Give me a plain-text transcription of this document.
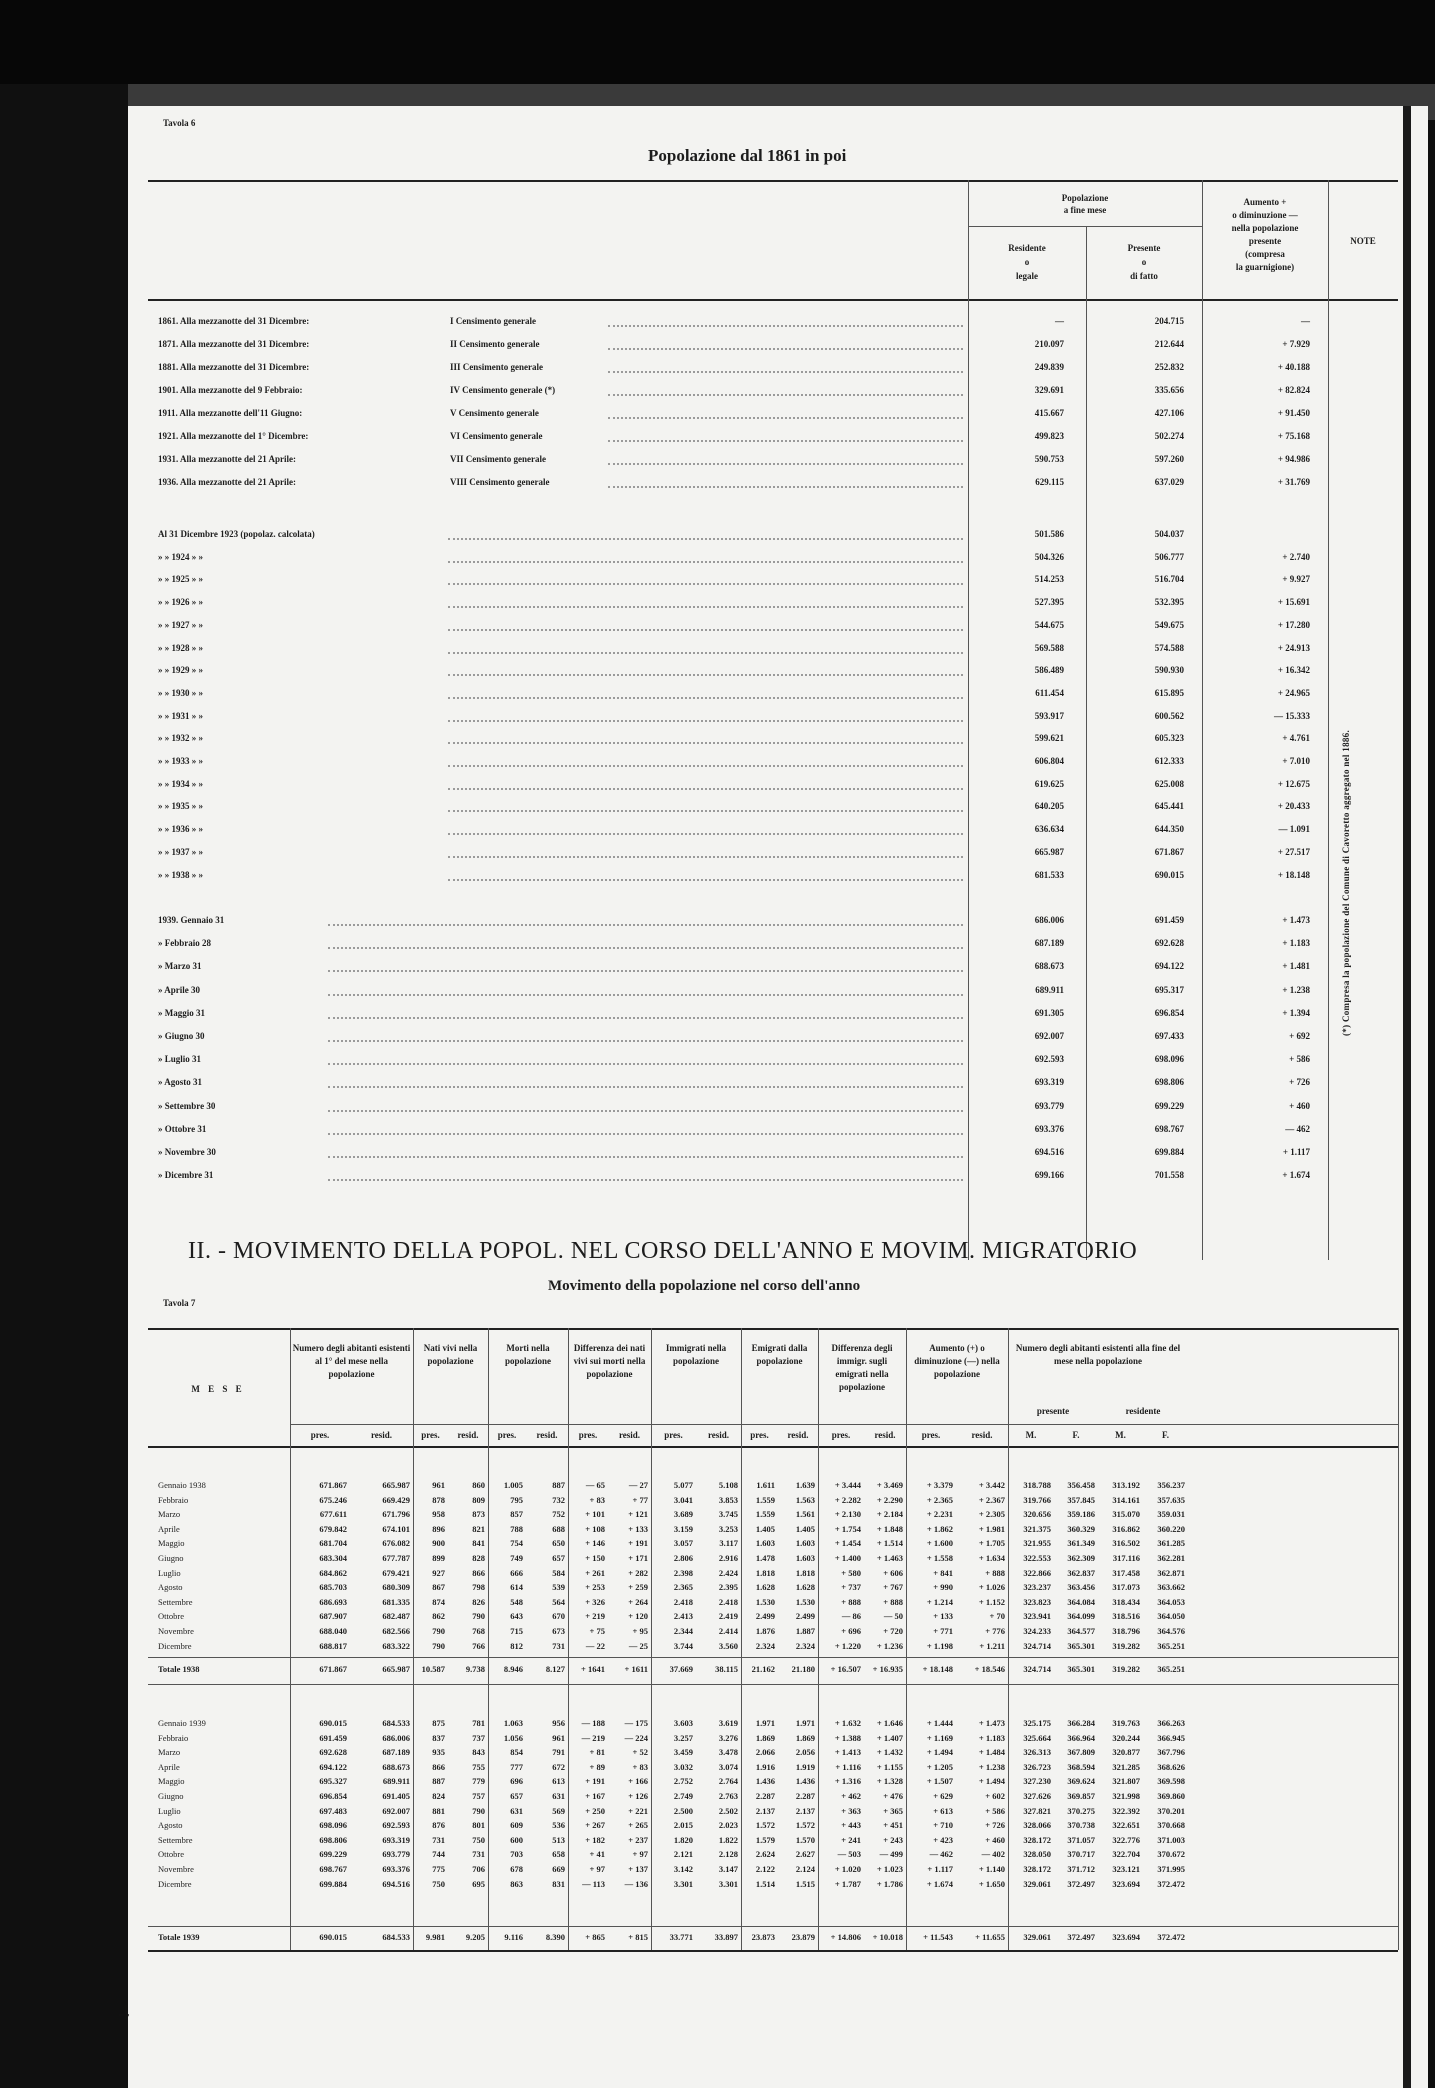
Tavola 6
Popolazione dal 1861 in poi
Popolazione
a fine mese
Residente
o
legale
Presente
o
di fatto
Aumento +
o diminuzione —
nella popolazione
presente
(compresa
la guarnigione)
NOTE
1861. Alla mezzanotte del 31 Dicembre:	I Censimento generale	—	204.715	—
1871. Alla mezzanotte del 31 Dicembre:	II Censimento generale	210.097	212.644	+ 7.929
1881. Alla mezzanotte del 31 Dicembre:	III Censimento generale	249.839	252.832	+ 40.188
1901. Alla mezzanotte del 9 Febbraio:	IV Censimento generale (*)	329.691	335.656	+ 82.824
1911. Alla mezzanotte dell'11 Giugno:	V Censimento generale	415.667	427.106	+ 91.450
1921. Alla mezzanotte del 1° Dicembre:	VI Censimento generale	499.823	502.274	+ 75.168
1931. Alla mezzanotte del 21 Aprile:	VII Censimento generale	590.753	597.260	+ 94.986
1936. Alla mezzanotte del 21 Aprile:	VIII Censimento generale	629.115	637.029	+ 31.769
Al 31 Dicembre 1923 (popolaz. calcolata)	501.586	504.037
» » 1924 » »	504.326	506.777	+ 2.740
» » 1925 » »	514.253	516.704	+ 9.927
» » 1926 » »	527.395	532.395	+ 15.691
» » 1927 » »	544.675	549.675	+ 17.280
» » 1928 » »	569.588	574.588	+ 24.913
» » 1929 » »	586.489	590.930	+ 16.342
» » 1930 » »	611.454	615.895	+ 24.965
» » 1931 » »	593.917	600.562	— 15.333
» » 1932 » »	599.621	605.323	+ 4.761
» » 1933 » »	606.804	612.333	+ 7.010
» » 1934 » »	619.625	625.008	+ 12.675
» » 1935 » »	640.205	645.441	+ 20.433
» » 1936 » »	636.634	644.350	— 1.091
» » 1937 » »	665.987	671.867	+ 27.517
» » 1938 » »	681.533	690.015	+ 18.148
1939. Gennaio 31	686.006	691.459	+ 1.473
» Febbraio 28	687.189	692.628	+ 1.183
» Marzo 31	688.673	694.122	+ 1.481
» Aprile 30	689.911	695.317	+ 1.238
» Maggio 31	691.305	696.854	+ 1.394
» Giugno 30	692.007	697.433	+ 692
» Luglio 31	692.593	698.096	+ 586
» Agosto 31	693.319	698.806	+ 726
» Settembre 30	693.779	699.229	+ 460
» Ottobre 31	693.376	698.767	— 462
» Novembre 30	694.516	699.884	+ 1.117
» Dicembre 31	699.166	701.558	+ 1.674
(*) Compresa la popolazione del Comune di Cavoretto aggregato nel 1886.
II. - MOVIMENTO DELLA POPOL. NEL CORSO DELL'ANNO E MOVIM. MIGRATORIO
Movimento della popolazione nel corso dell'anno
Tavola 7
M E S E
Numero degli abitanti esistenti al 1° del mese nella popolazione
Nati vivi nella popolazione
Morti nella popolazione
Differenza dei nati vivi sui morti nella popolazione
Immigrati nella popolazione
Emigrati dalla popolazione
Differenza degli immigr. sugli emigrati nella popolazione
Aumento (+) o diminuzione (—) nella popolazione
Numero degli abitanti esistenti alla fine del mese nella popolazione
pres.	resid.	pres.	resid.	pres.	resid.	pres.	resid.	pres.	resid.	pres.	resid.	pres.	resid.	pres.	resid.
presente	residente
M.	F.	M.	F.
Gennaio 1938	671.867	665.987	961	860	1.005	887	— 65	— 27	5.077	5.108	1.611	1.639	+ 3.444	+ 3.469	+ 3.379	+ 3.442	318.788	356.458	313.192	356.237
Febbraio	675.246	669.429	878	809	795	732	+ 83	+ 77	3.041	3.853	1.559	1.563	+ 2.282	+ 2.290	+ 2.365	+ 2.367	319.766	357.845	314.161	357.635
Marzo	677.611	671.796	958	873	857	752	+ 101	+ 121	3.689	3.745	1.559	1.561	+ 2.130	+ 2.184	+ 2.231	+ 2.305	320.656	359.186	315.070	359.031
Aprile	679.842	674.101	896	821	788	688	+ 108	+ 133	3.159	3.253	1.405	1.405	+ 1.754	+ 1.848	+ 1.862	+ 1.981	321.375	360.329	316.862	360.220
Maggio	681.704	676.082	900	841	754	650	+ 146	+ 191	3.057	3.117	1.603	1.603	+ 1.454	+ 1.514	+ 1.600	+ 1.705	321.955	361.349	316.502	361.285
Giugno	683.304	677.787	899	828	749	657	+ 150	+ 171	2.806	2.916	1.478	1.603	+ 1.400	+ 1.463	+ 1.558	+ 1.634	322.553	362.309	317.116	362.281
Luglio	684.862	679.421	927	866	666	584	+ 261	+ 282	2.398	2.424	1.818	1.818	+ 580	+ 606	+ 841	+ 888	322.866	362.837	317.458	362.871
Agosto	685.703	680.309	867	798	614	539	+ 253	+ 259	2.365	2.395	1.628	1.628	+ 737	+ 767	+ 990	+ 1.026	323.237	363.456	317.073	363.662
Settembre	686.693	681.335	874	826	548	564	+ 326	+ 264	2.418	2.418	1.530	1.530	+ 888	+ 888	+ 1.214	+ 1.152	323.823	364.084	318.434	364.053
Ottobre	687.907	682.487	862	790	643	670	+ 219	+ 120	2.413	2.419	2.499	2.499	— 86	— 50	+ 133	+ 70	323.941	364.099	318.516	364.050
Novembre	688.040	682.566	790	768	715	673	+ 75	+ 95	2.344	2.414	1.876	1.887	+ 696	+ 720	+ 771	+ 776	324.233	364.577	318.796	364.576
Dicembre	688.817	683.322	790	766	812	731	— 22	— 25	3.744	3.560	2.324	2.324	+ 1.220	+ 1.236	+ 1.198	+ 1.211	324.714	365.301	319.282	365.251
Totale 1938	671.867	665.987	10.587	9.738	8.946	8.127	+ 1641	+ 1611	37.669	38.115	21.162	21.180	+ 16.507	+ 16.935	+ 18.148	+ 18.546	324.714	365.301	319.282	365.251
Gennaio 1939	690.015	684.533	875	781	1.063	956	— 188	— 175	3.603	3.619	1.971	1.971	+ 1.632	+ 1.646	+ 1.444	+ 1.473	325.175	366.284	319.763	366.263
Febbraio	691.459	686.006	837	737	1.056	961	— 219	— 224	3.257	3.276	1.869	1.869	+ 1.388	+ 1.407	+ 1.169	+ 1.183	325.664	366.964	320.244	366.945
Marzo	692.628	687.189	935	843	854	791	+ 81	+ 52	3.459	3.478	2.066	2.056	+ 1.413	+ 1.432	+ 1.494	+ 1.484	326.313	367.809	320.877	367.796
Aprile	694.122	688.673	866	755	777	672	+ 89	+ 83	3.032	3.074	1.916	1.919	+ 1.116	+ 1.155	+ 1.205	+ 1.238	326.723	368.594	321.285	368.626
Maggio	695.327	689.911	887	779	696	613	+ 191	+ 166	2.752	2.764	1.436	1.436	+ 1.316	+ 1.328	+ 1.507	+ 1.494	327.230	369.624	321.807	369.598
Giugno	696.854	691.405	824	757	657	631	+ 167	+ 126	2.749	2.763	2.287	2.287	+ 462	+ 476	+ 629	+ 602	327.626	369.857	321.998	369.860
Luglio	697.483	692.007	881	790	631	569	+ 250	+ 221	2.500	2.502	2.137	2.137	+ 363	+ 365	+ 613	+ 586	327.821	370.275	322.392	370.201
Agosto	698.096	692.593	876	801	609	536	+ 267	+ 265	2.015	2.023	1.572	1.572	+ 443	+ 451	+ 710	+ 726	328.066	370.738	322.651	370.668
Settembre	698.806	693.319	731	750	600	513	+ 182	+ 237	1.820	1.822	1.579	1.570	+ 241	+ 243	+ 423	+ 460	328.172	371.057	322.776	371.003
Ottobre	699.229	693.779	744	731	703	658	+ 41	+ 97	2.121	2.128	2.624	2.627	— 503	— 499	— 462	— 402	328.050	370.717	322.704	370.672
Novembre	698.767	693.376	775	706	678	669	+ 97	+ 137	3.142	3.147	2.122	2.124	+ 1.020	+ 1.023	+ 1.117	+ 1.140	328.172	371.712	323.121	371.995
Dicembre	699.884	694.516	750	695	863	831	— 113	— 136	3.301	3.301	1.514	1.515	+ 1.787	+ 1.786	+ 1.674	+ 1.650	329.061	372.497	323.694	372.472
Totale 1939	690.015	684.533	9.981	9.205	9.116	8.390	+ 865	+ 815	33.771	33.897	23.873	23.879	+ 14.806	+ 10.018	+ 11.543	+ 11.655	329.061	372.497	323.694	372.472
4
